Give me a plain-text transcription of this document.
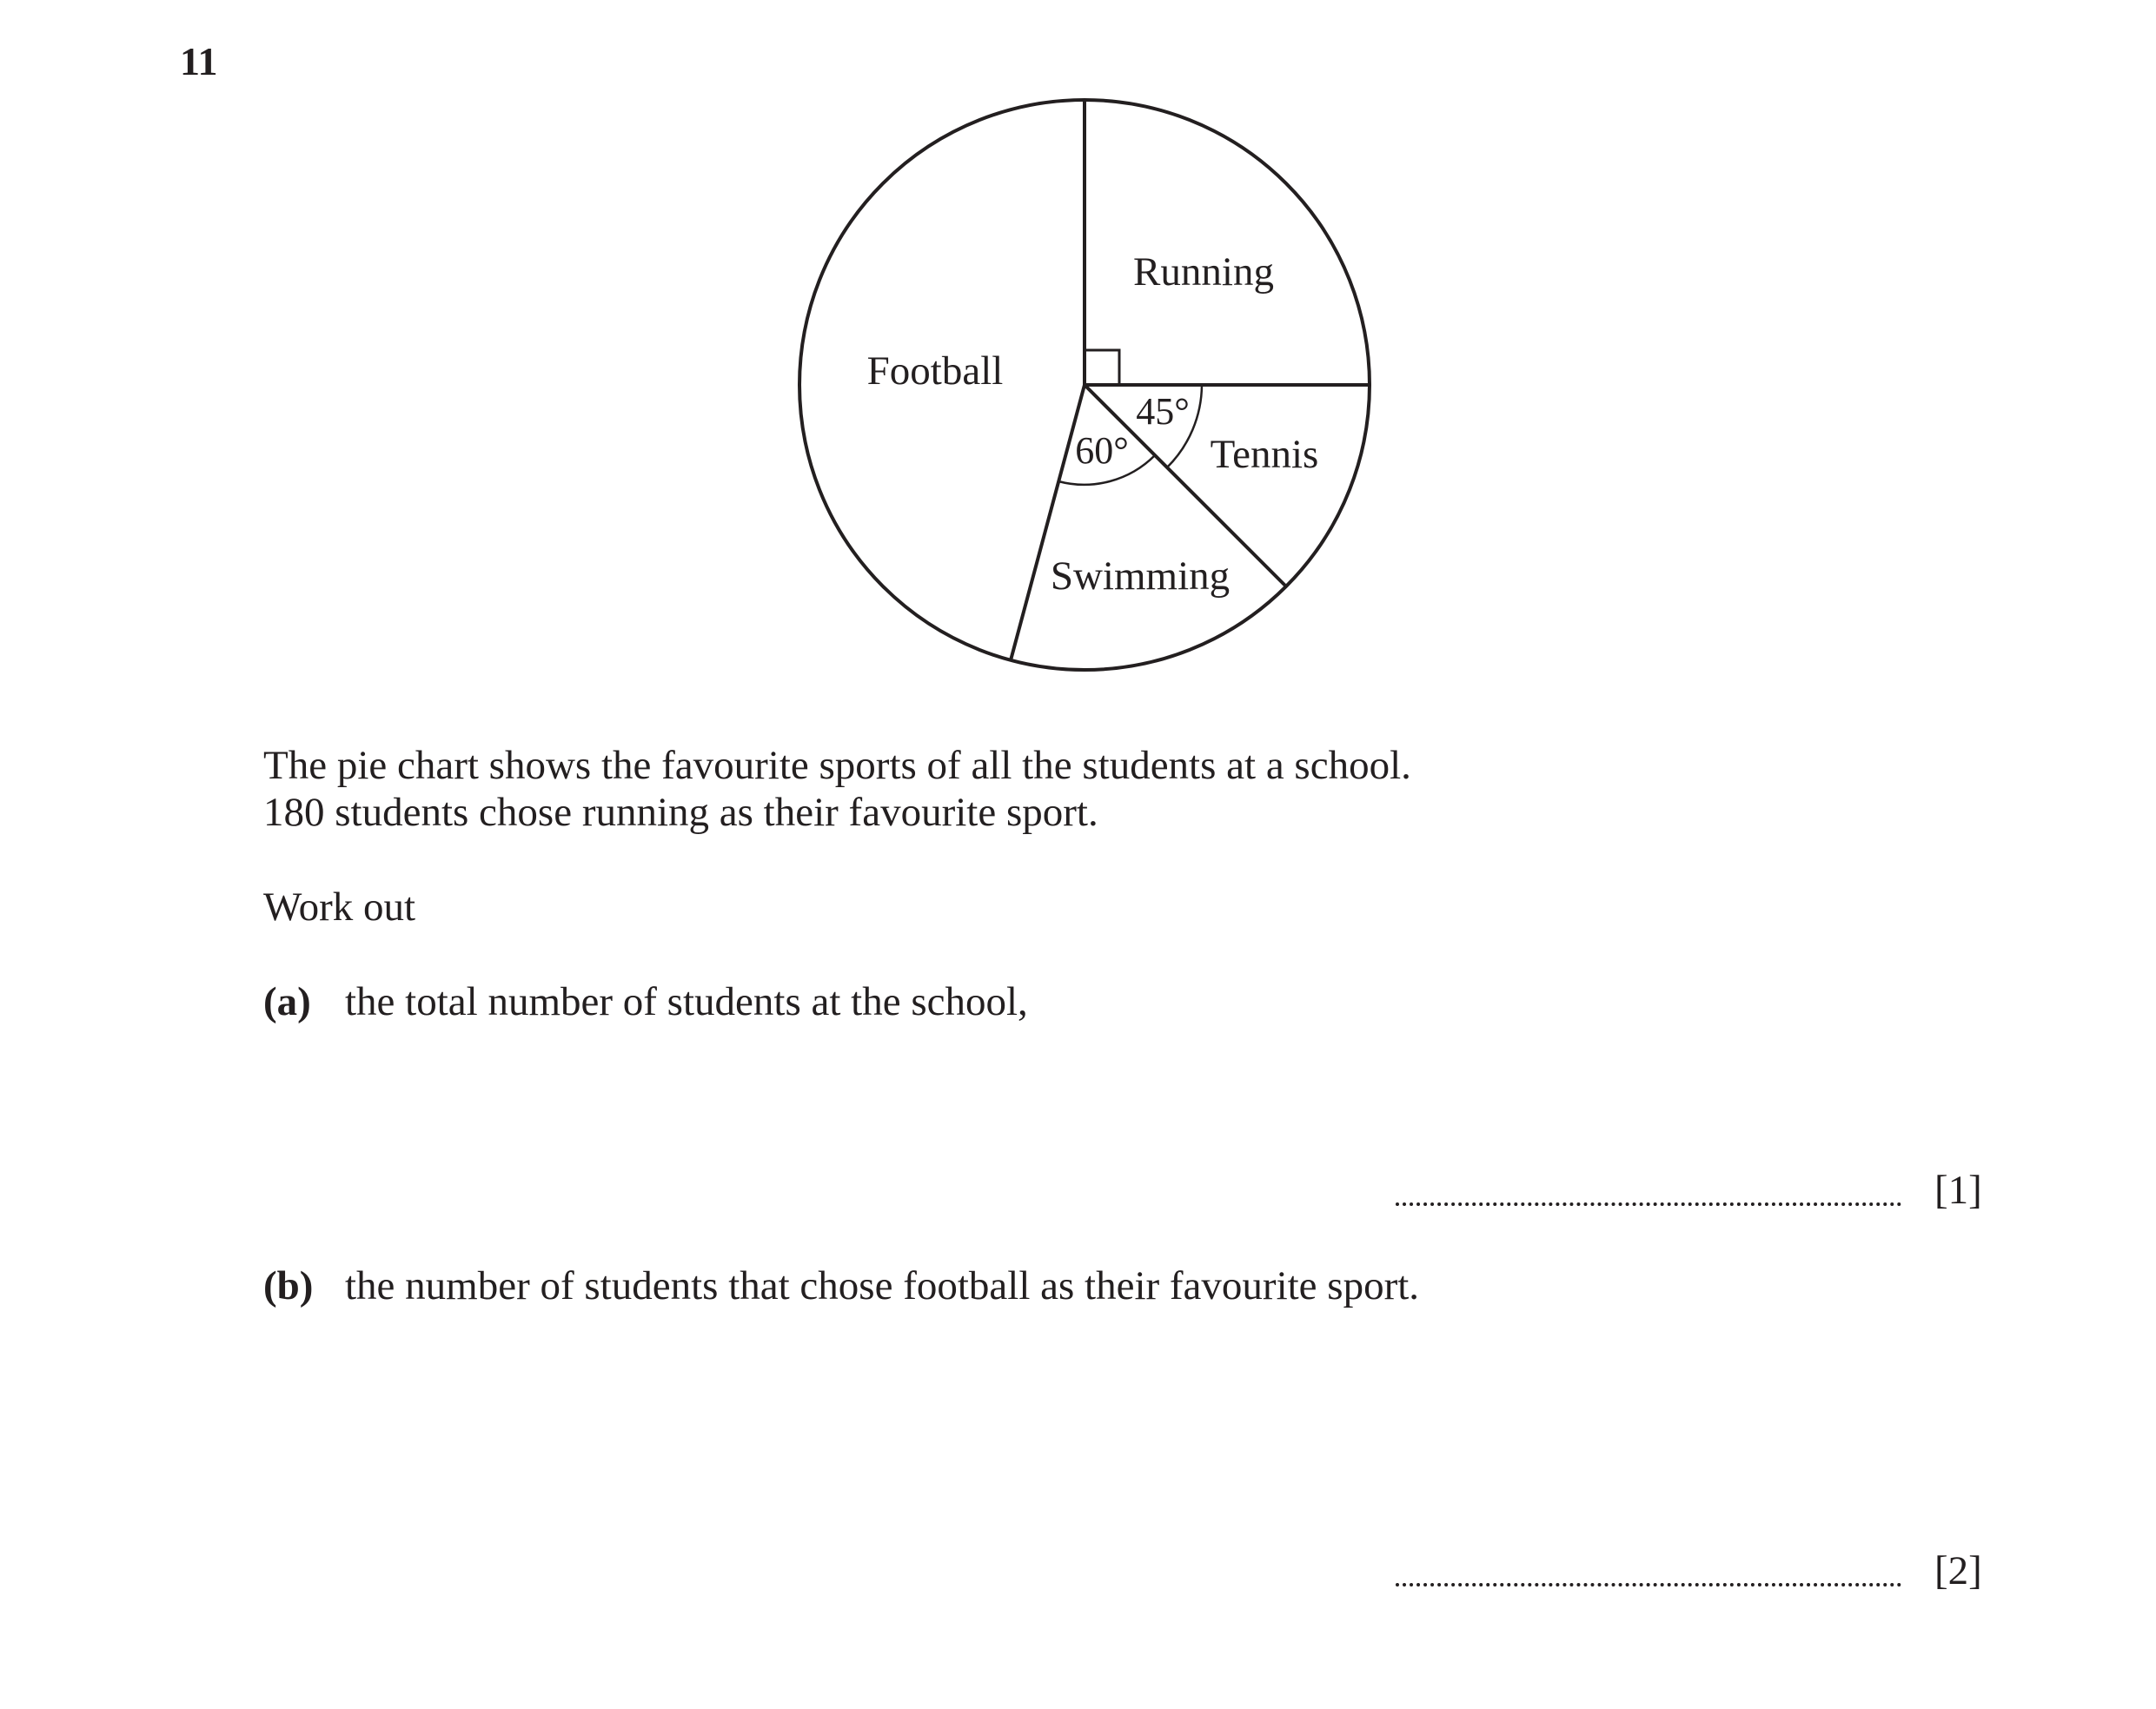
11
Running
Tennis
Swimming
Football
45°
60°
The pie chart shows the favourite sports of all the students at a school.
180 students chose running as their favourite sport.
Work out
(a) the total number of students at the school,
[1]
(b) the number of students that chose football as their favourite sport.
[2]
